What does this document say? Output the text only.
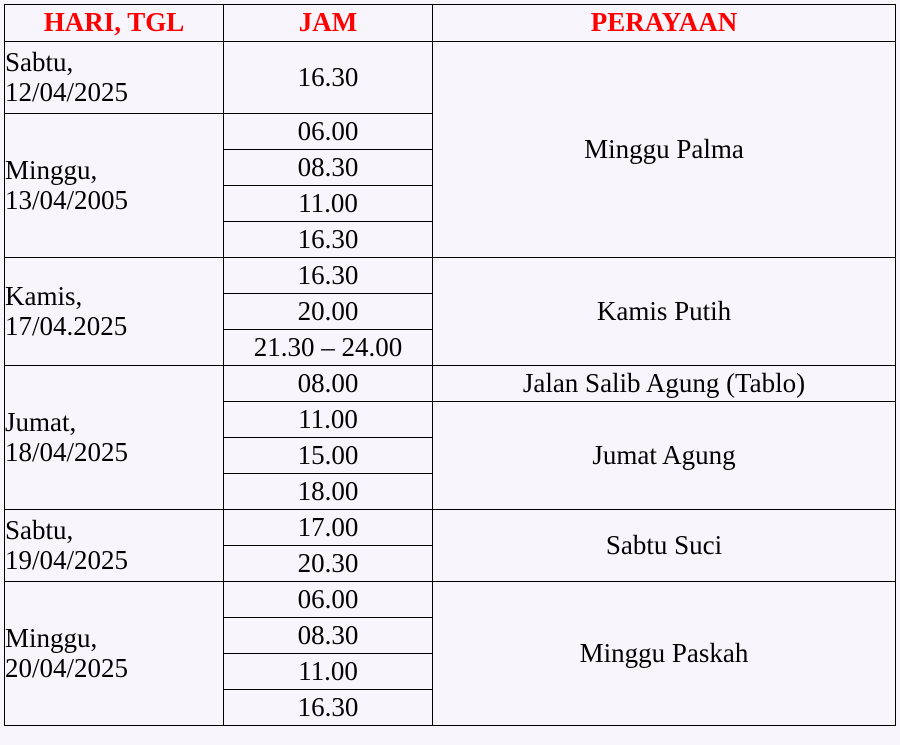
HARI, TGL	JAM	PERAYAAN

Sabtu,
12/04/2025	16.30	Minggu Palma

Minggu,
13/04/2005	06.00	
	08.30	
	11.00	
	16.30	

Kamis,
17/04.2025	16.30	Kamis Putih
	20.00	
	21.30 – 24.00	

Jumat,
18/04/2025	08.00	Jalan Salib Agung (Tablo)
	11.00	Jumat Agung
	15.00	
	18.00	

Sabtu,
19/04/2025	17.00	Sabtu Suci
	20.30	

Minggu,
20/04/2025	06.00	Minggu Paskah
	08.30	
	11.00	
	16.30	
